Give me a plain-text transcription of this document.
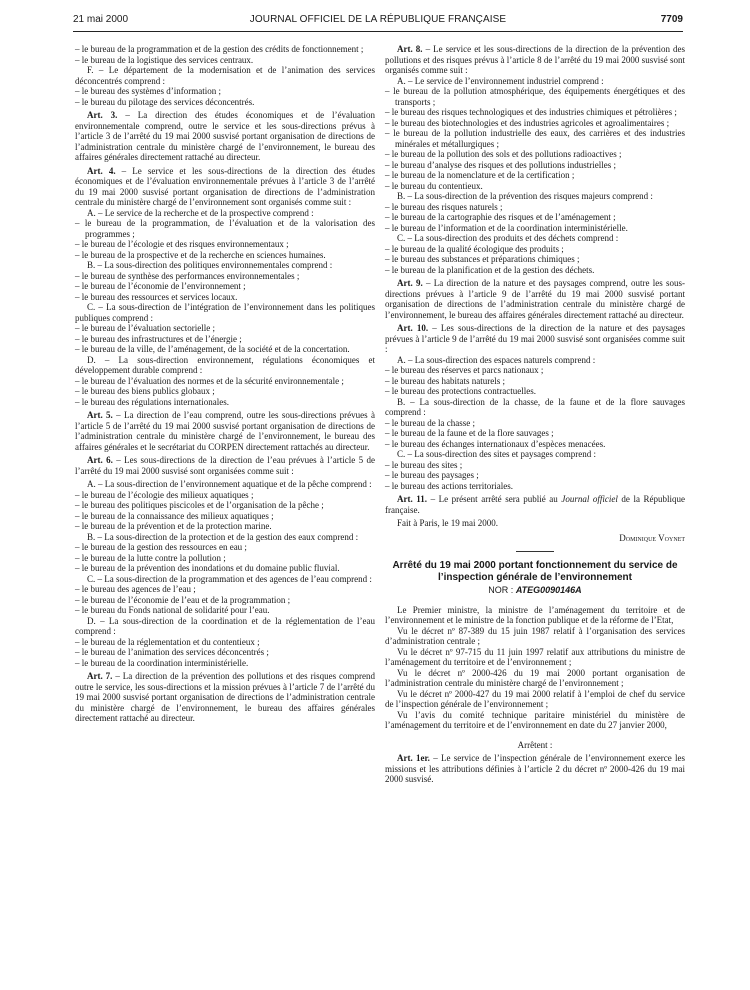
21 mai 2000	JOURNAL OFFICIEL DE LA RÉPUBLIQUE FRANÇAISE	7709

– le bureau de la programmation et de la gestion des crédits de fonctionnement ;

– le bureau de la logistique des services centraux.

F. – Le département de la modernisation et de l’animation des services déconcentrés comprend :

– le bureau des systèmes d’information ;

– le bureau du pilotage des services déconcentrés.

Art. 3. – La direction des études économiques et de l’évaluation environnementale comprend, outre le service et les sous-directions prévus à l’article 3 de l’arrêté du 19 mai 2000 susvisé portant organisation de directions de l’administration centrale du ministère chargé de l’environnement, le bureau des affaires générales directement rattaché au directeur.

Art. 4. – Le service et les sous-directions de la direction des études économiques et de l’évaluation environnementale prévues à l’article 3 de l’arrêté du 19 mai 2000 susvisé portant organisation de directions de l’administration centrale du ministère chargé de l’environnement sont organisés comme suit :

A. – Le service de la recherche et de la prospective comprend :

– le bureau de la programmation, de l’évaluation et de la valorisation des programmes ;

– le bureau de l’écologie et des risques environnementaux ;

– le bureau de la prospective et de la recherche en sciences humaines.

B. – La sous-direction des politiques environnementales comprend :

– le bureau de synthèse des performances environnementales ;

– le bureau de l’économie de l’environnement ;

– le bureau des ressources et services locaux.

C. – La sous-direction de l’intégration de l’environnement dans les politiques publiques comprend :

– le bureau de l’évaluation sectorielle ;

– le bureau des infrastructures et de l’énergie ;

– le bureau de la ville, de l’aménagement, de la société et de la concertation.

D. – La sous-direction environnement, régulations économiques et développement durable comprend :

– le bureau de l’évaluation des normes et de la sécurité environnementale ;

– le bureau des biens publics globaux ;

– le bureau des régulations internationales.

Art. 5. – La direction de l’eau comprend, outre les sous-directions prévues à l’article 5 de l’arrêté du 19 mai 2000 susvisé portant organisation de directions de l’administration centrale du ministère chargé de l’environnement, le bureau des affaires générales et le secrétariat du CORPEN directement rattachés au directeur.

Art. 6. – Les sous-directions de la direction de l’eau prévues à l’article 5 de l’arrêté du 19 mai 2000 susvisé sont organisées comme suit :

A. – La sous-direction de l’environnement aquatique et de la pêche comprend :

– le bureau de l’écologie des milieux aquatiques ;

– le bureau des politiques piscicoles et de l’organisation de la pêche ;

– le bureau de la connaissance des milieux aquatiques ;

– le bureau de la prévention et de la protection marine.

B. – La sous-direction de la protection et de la gestion des eaux comprend :

– le bureau de la gestion des ressources en eau ;

– le bureau de la lutte contre la pollution ;

– le bureau de la prévention des inondations et du domaine public fluvial.

C. – La sous-direction de la programmation et des agences de l’eau comprend :

– le bureau des agences de l’eau ;

– le bureau de l’économie de l’eau et de la programmation ;

– le bureau du Fonds national de solidarité pour l’eau.

D. – La sous-direction de la coordination et de la réglementation de l’eau comprend :

– le bureau de la réglementation et du contentieux ;

– le bureau de l’animation des services déconcentrés ;

– le bureau de la coordination interministérielle.

Art. 7. – La direction de la prévention des pollutions et des risques comprend outre le service, les sous-directions et la mission prévues à l’article 7 de l’arrêté du 19 mai 2000 susvisé portant organisation de directions de l’administration centrale du ministère chargé de l’environnement, le bureau des affaires générales directement rattaché au directeur.

Art. 8. – Le service et les sous-directions de la direction de la prévention des pollutions et des risques prévus à l’article 8 de l’arrêté du 19 mai 2000 susvisé sont organisés comme suit :

A. – Le service de l’environnement industriel comprend :

– le bureau de la pollution atmosphérique, des équipements énergétiques et des transports ;

– le bureau des risques technologiques et des industries chimiques et pétrolières ;

– le bureau des biotechnologies et des industries agricoles et agroalimentaires ;

– le bureau de la pollution industrielle des eaux, des carrières et des industries minérales et métallurgiques ;

– le bureau de la pollution des sols et des pollutions radioactives ;

– le bureau d’analyse des risques et des pollutions industrielles ;

– le bureau de la nomenclature et de la certification ;

– le bureau du contentieux.

B. – La sous-direction de la prévention des risques majeurs comprend :

– le bureau des risques naturels ;

– le bureau de la cartographie des risques et de l’aménagement ;

– le bureau de l’information et de la coordination interministérielle.

C. – La sous-direction des produits et des déchets comprend :

– le bureau de la qualité écologique des produits ;

– le bureau des substances et préparations chimiques ;

– le bureau de la planification et de la gestion des déchets.

Art. 9. – La direction de la nature et des paysages comprend, outre les sous-directions prévues à l’article 9 de l’arrêté du 19 mai 2000 susvisé portant organisation de directions de l’administration centrale du ministère chargé de l’environnement, le bureau des affaires générales directement rattaché au directeur.

Art. 10. – Les sous-directions de la direction de la nature et des paysages prévues à l’article 9 de l’arrêté du 19 mai 2000 susvisé sont organisées comme suit :

A. – La sous-direction des espaces naturels comprend :

– le bureau des réserves et parcs nationaux ;

– le bureau des habitats naturels ;

– le bureau des protections contractuelles.

B. – La sous-direction de la chasse, de la faune et de la flore sauvages comprend :

– le bureau de la chasse ;

– le bureau de la faune et de la flore sauvages ;

– le bureau des échanges internationaux d’espèces menacées.

C. – La sous-direction des sites et paysages comprend :

– le bureau des sites ;

– le bureau des paysages ;

– le bureau des actions territoriales.

Art. 11. – Le présent arrêté sera publié au Journal officiel de la République française.

Fait à Paris, le 19 mai 2000.

Dominique Voynet

Arrêté du 19 mai 2000 portant fonctionnement du service de l’inspection générale de l’environnement

NOR : ATEG0090146A

Le Premier ministre, la ministre de l’aménagement du territoire et de l’environnement et le ministre de la fonction publique et de la réforme de l’Etat,

Vu le décret nº 87-389 du 15 juin 1987 relatif à l’organisation des services d’administration centrale ;

Vu le décret nº 97-715 du 11 juin 1997 relatif aux attributions du ministre de l’aménagement du territoire et de l’environnement ;

Vu le décret nº 2000-426 du 19 mai 2000 portant organisation de l’administration centrale du ministère chargé de l’environnement ;

Vu le décret nº 2000-427 du 19 mai 2000 relatif à l’emploi de chef du service de l’inspection générale de l’environnement ;

Vu l’avis du comité technique paritaire ministériel du ministère de l’aménagement du territoire et de l’environnement en date du 27 janvier 2000,

Arrêtent :

Art. 1er. – Le service de l’inspection générale de l’environnement exerce les missions et les attributions définies à l’article 2 du décret nº 2000-426 du 19 mai 2000 susvisé.
